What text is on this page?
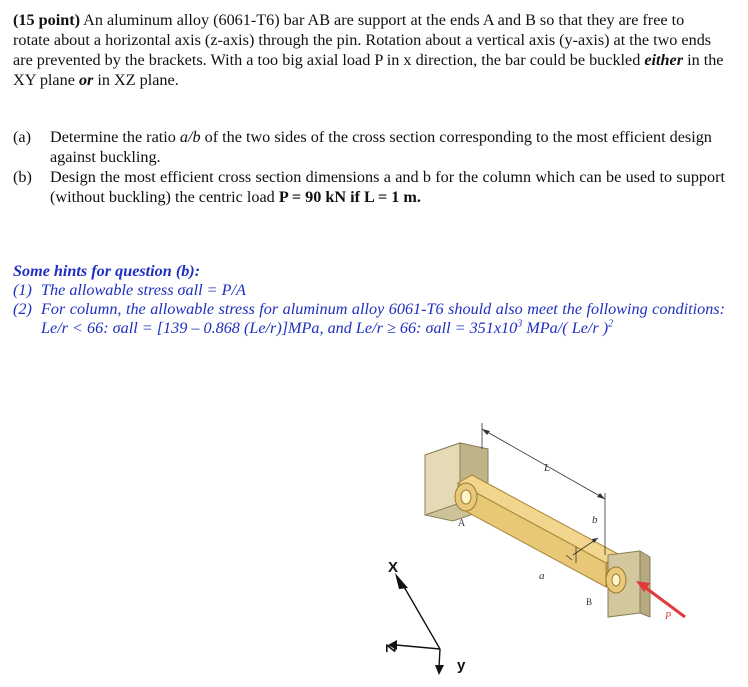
(15 point) An aluminum alloy (6061-T6) bar AB are support at the ends A and B so that they are free to rotate about a horizontal axis (z-axis) through the pin. Rotation about a vertical axis (y-axis) at the two ends are prevented by the brackets. With a too big axial load P in x direction, the bar could be buckled either in the XY plane or in XZ plane.
(a)	Determine the ratio a/b of the two sides of the cross section corresponding to the most efficient design against buckling.
(b)	Design the most efficient cross section dimensions a and b for the column which can be used to support (without buckling) the centric load P = 90 kN if L = 1 m.
Some hints for question (b):
(1) The allowable stress σall = P/A
(2) For column, the allowable stress for aluminum alloy 6061-T6 should also meet the following conditions: Le/r < 66: σall = [139 – 0.868 (Le/r)]MPa, and Le/r ≥ 66: $\sigma all = 351x10^3$ MPa/( Le/r )$^2$
L
A	b
a
B
P
X
Z
y
